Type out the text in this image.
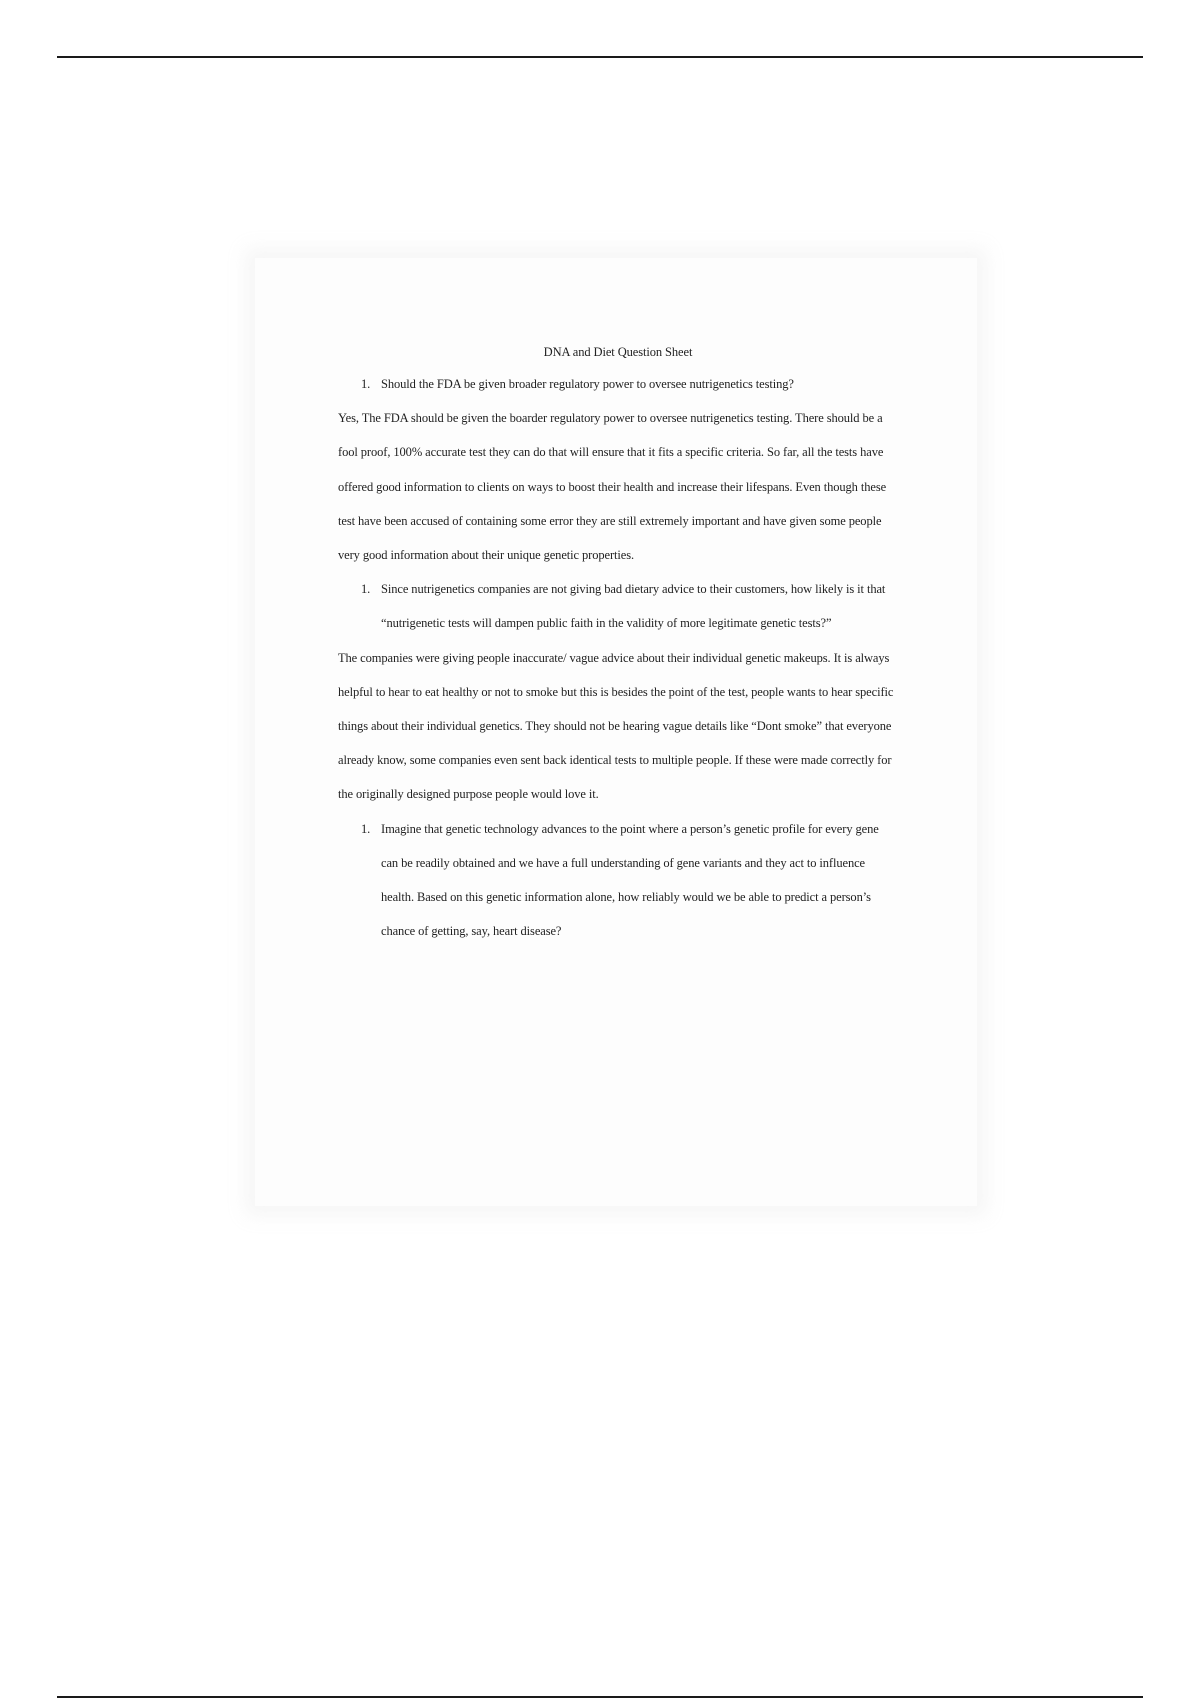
DNA and Diet Question Sheet
1. Should the FDA be given broader regulatory power to oversee nutrigenetics testing?

Yes, The FDA should be given the boarder regulatory power to oversee nutrigenetics testing. There should be a fool proof, 100% accurate test they can do that will ensure that it fits a specific criteria. So far, all the tests have offered good information to clients on ways to boost their health and increase their lifespans. Even though these test have been accused of containing some error they are still extremely important and have given some people very good information about their unique genetic properties.

1. Since nutrigenetics companies are not giving bad dietary advice to their customers, how likely is it that “nutrigenetic tests will dampen public faith in the validity of more legitimate genetic tests?”

The companies were giving people inaccurate/ vague advice about their individual genetic makeups. It is always helpful to hear to eat healthy or not to smoke but this is besides the point of the test, people wants to hear specific things about their individual genetics. They should not be hearing vague details like “Dont smoke” that everyone already know, some companies even sent back identical tests to multiple people. If these were made correctly for the originally designed purpose people would love it.

1. Imagine that genetic technology advances to the point where a person’s genetic profile for every gene can be readily obtained and we have a full understanding of gene variants and they act to influence health. Based on this genetic information alone, how reliably would we be able to predict a person’s chance of getting, say, heart disease?
